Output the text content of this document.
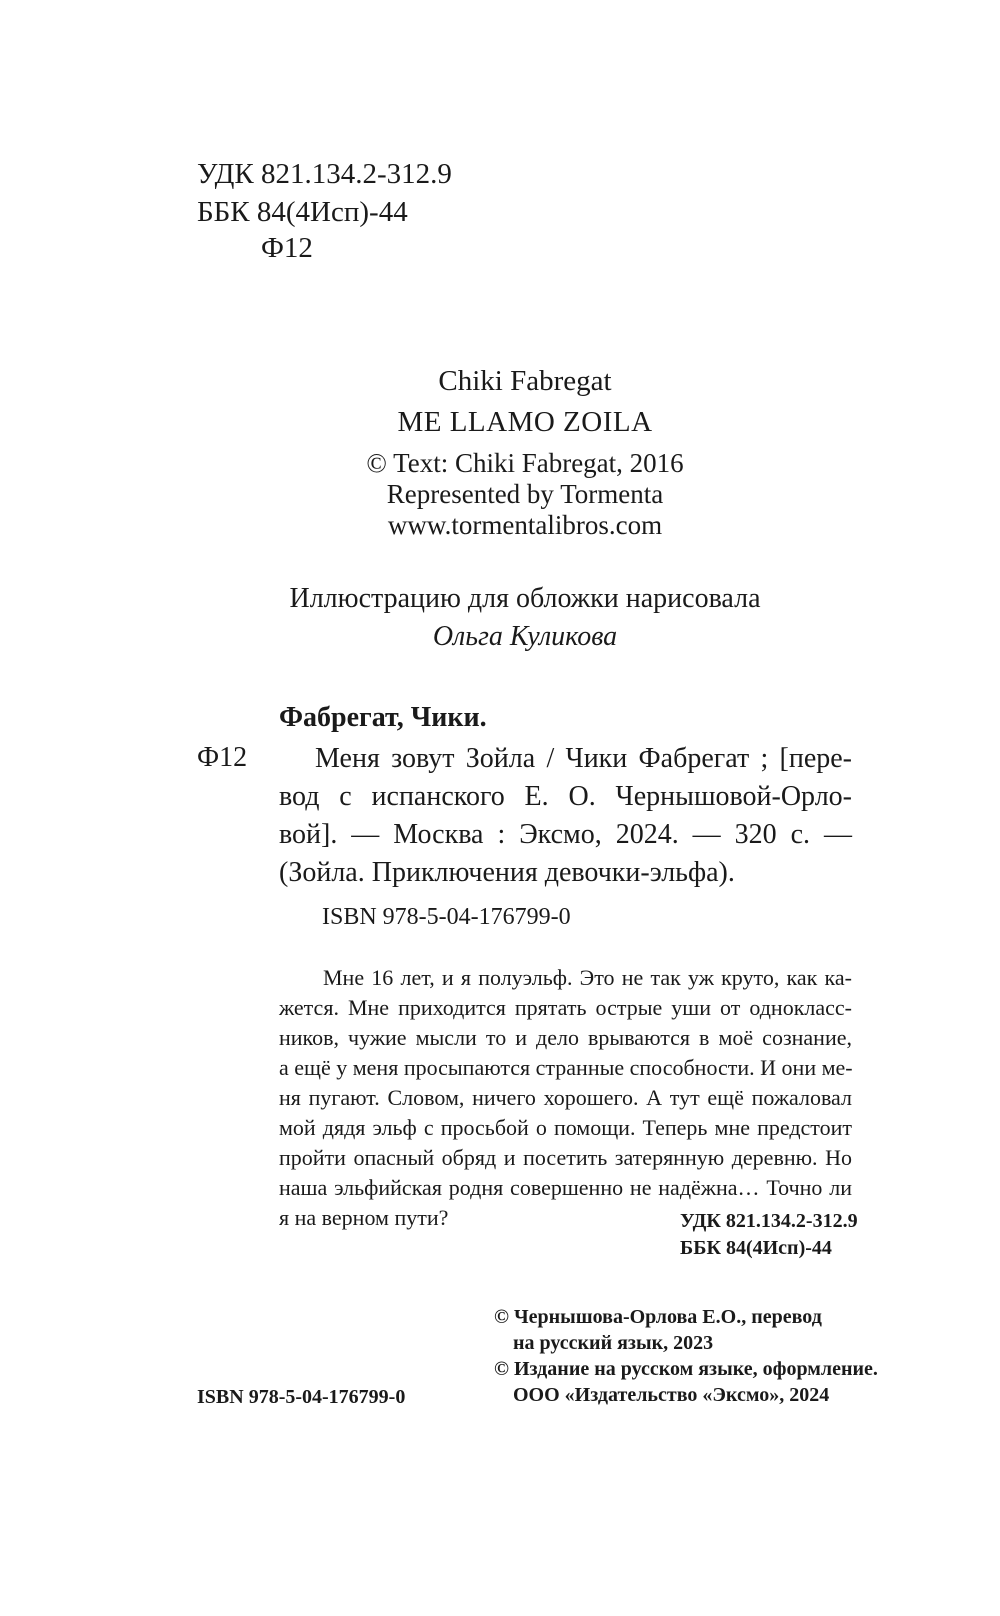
УДК 821.134.2-312.9

ББК 84(4Исп)-44

Ф12

Chiki Fabregat

ME LLAMO ZOILA

© Text: Chiki Fabregat, 2016
Represented by Tormenta
www.tormentalibros.com
Иллюстрацию для обложки нарисовала
Ольга Куликова

Фабрегат, Чики.

Ф12	Меня зовут Зойла / Чики Фабрегат ; [пере-
вод с испанского Е. О. Чернышовой-Орло-
вой]. — Москва : Эксмо, 2024. — 320 с. —
(Зойла. Приключения девочки-эльфа).

ISBN 978-5-04-176799-0

Мне 16 лет, и я полуэльф. Это не так уж круто, как ка-
жется. Мне приходится прятать острые уши от однокласс-
ников, чужие мысли то и дело врываются в моё сознание,
а ещё у меня просыпаются странные способности. И они ме-
ня пугают. Словом, ничего хорошего. А тут ещё пожаловал
мой дядя эльф с просьбой о помощи. Теперь мне предстоит
пройти опасный обряд и посетить затерянную деревню. Но
наша эльфийская родня совершенно не надёжна… Точно ли
я на верном пути?	УДК 821.134.2-312.9

ББК 84(4Исп)-44

ISBN 978-5-04-176799-0

© Чернышова-Орлова Е.О., перевод
на русский язык, 2023
© Издание на русском языке, оформление.
ООО «Издательство «Эксмо», 2024
